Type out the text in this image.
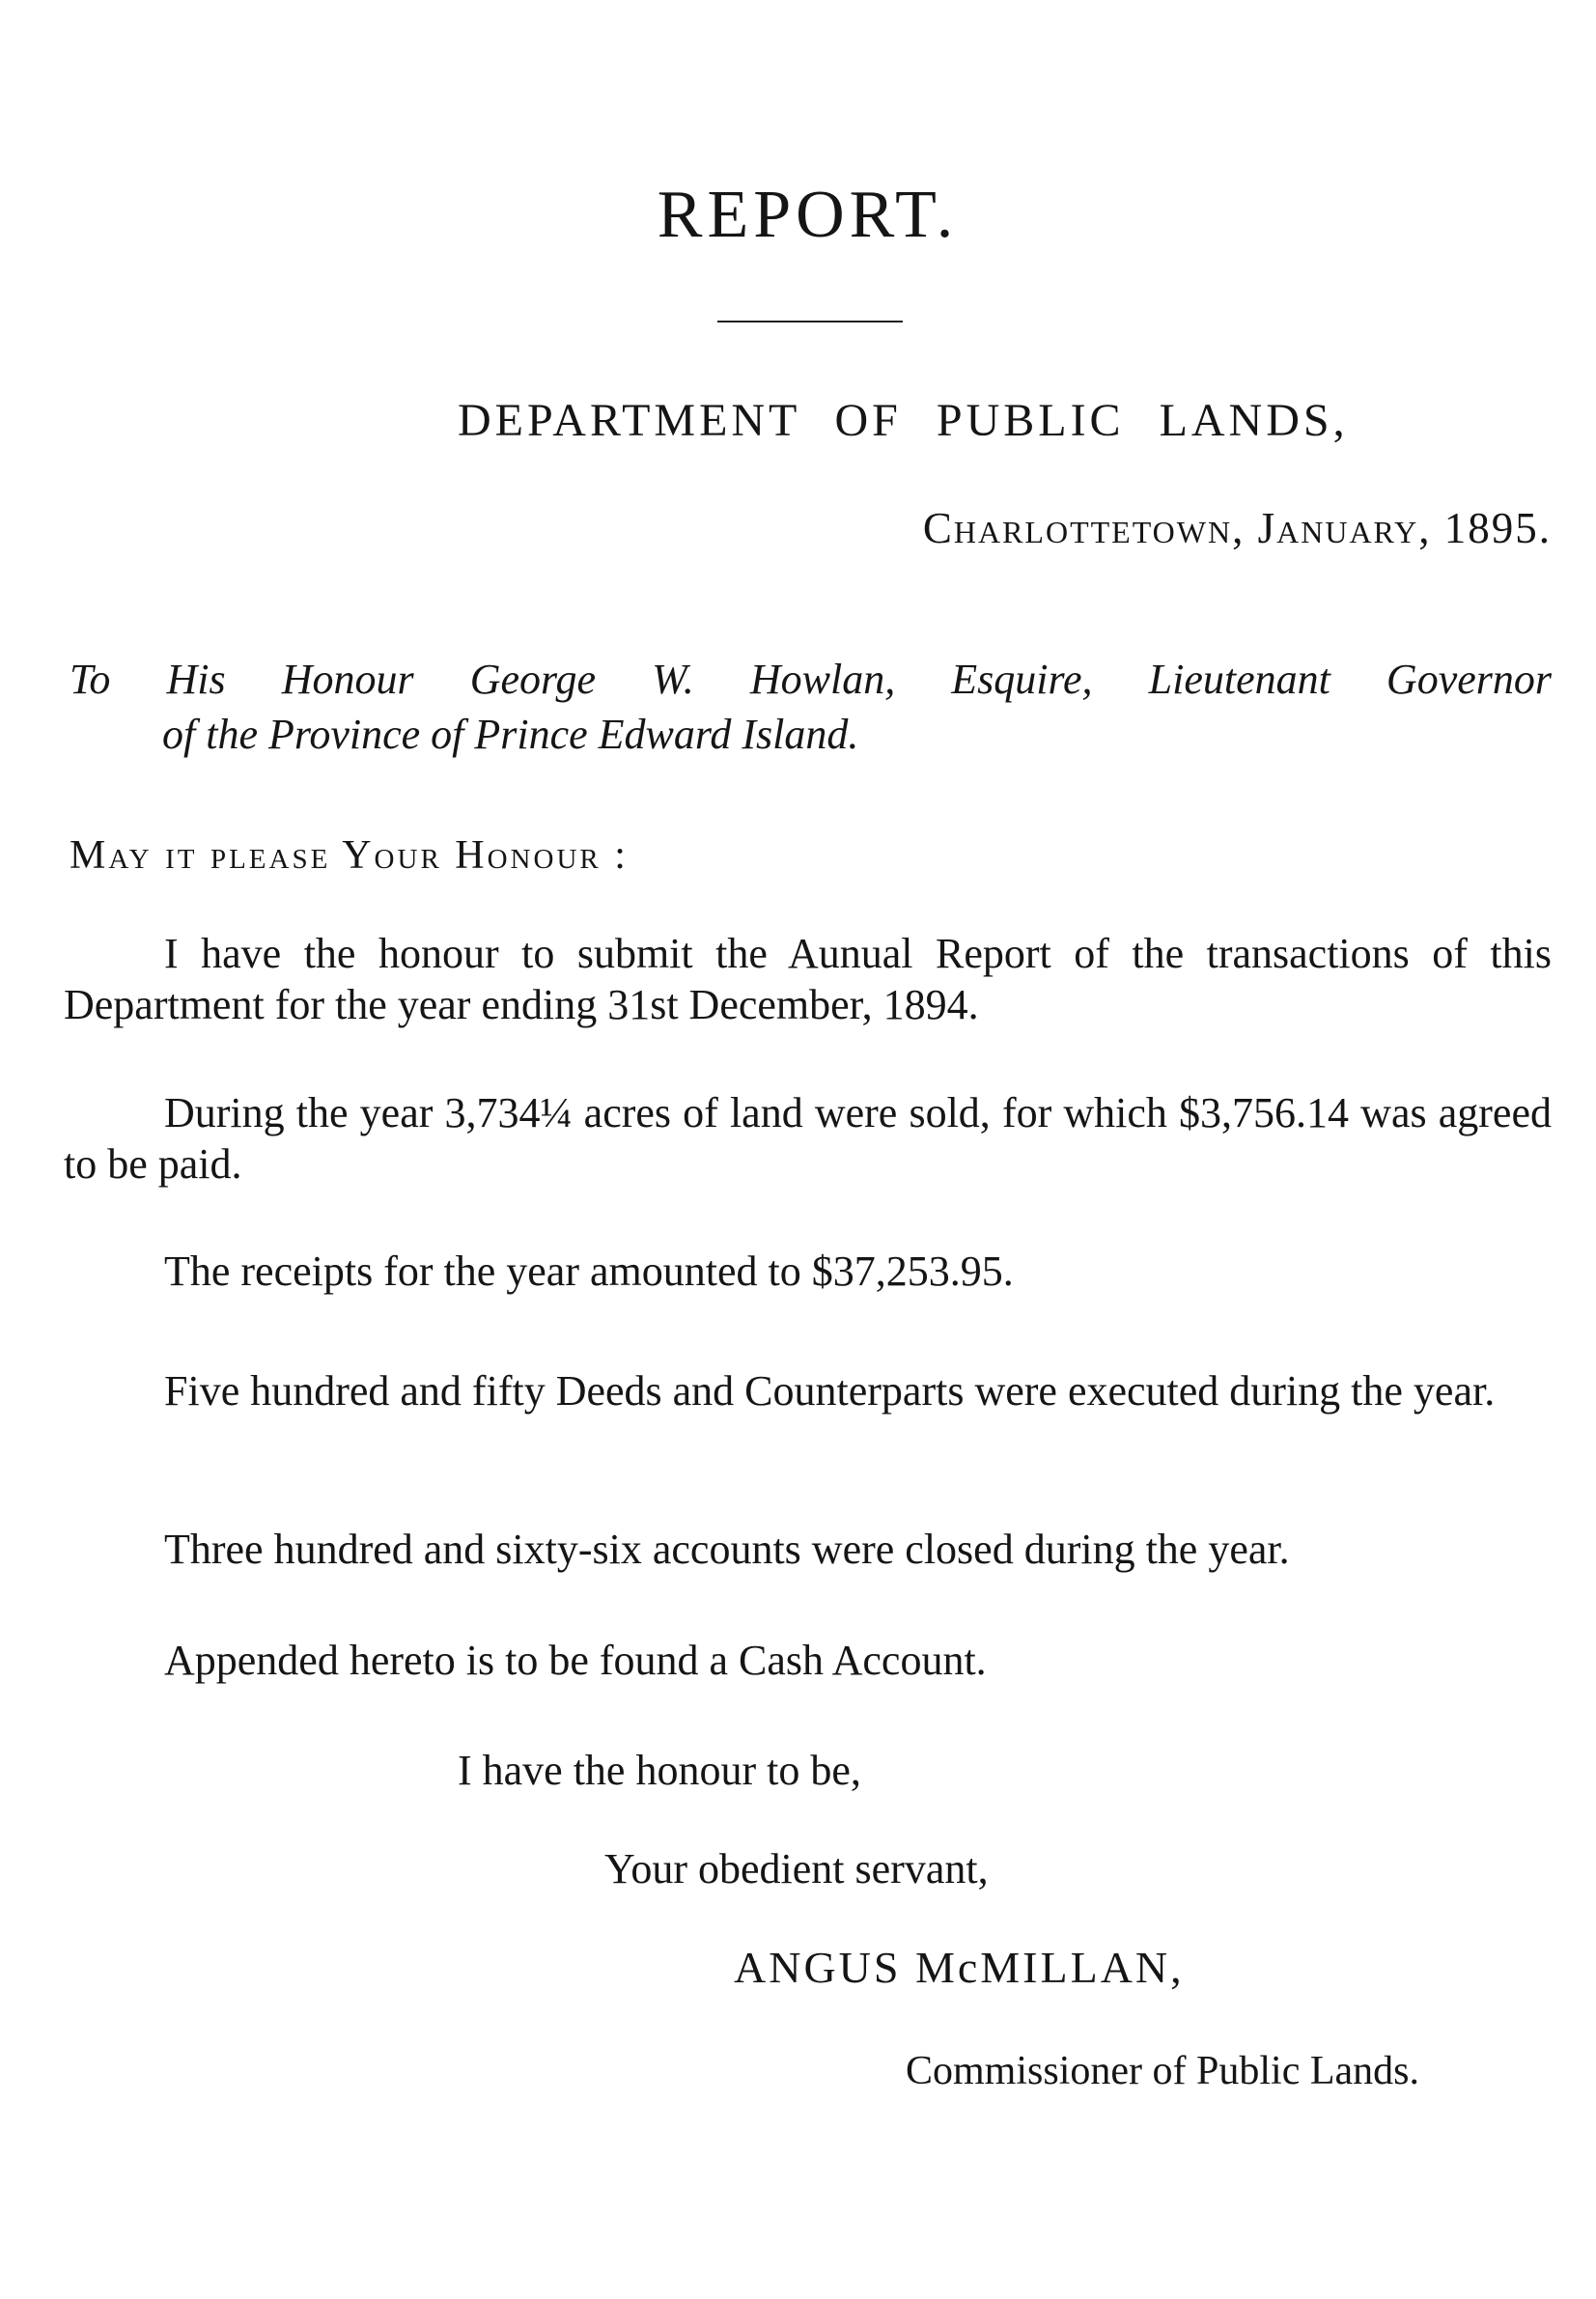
REPORT.
DEPARTMENT OF PUBLIC LANDS,
Charlottetown, January, 1895.
To His Honour George W. Howlan, Esquire, Lieutenant Governor
of the Province of Prince Edward Island.
May it please Your Honour :

I have the honour to submit the Aunual Report of the transactions of this Department for the year ending 31st December, 1894.

During the year 3,734¼ acres of land were sold, for which $3,756.14 was agreed to be paid.

The receipts for the year amounted to $37,253.95.

Five hundred and fifty Deeds and Counterparts were executed during the year.

Three hundred and sixty-six accounts were closed during the year.

Appended hereto is to be found a Cash Account.

I have the honour to be,
Your obedient servant,
ANGUS McMILLAN,
Commissioner of Public Lands.
